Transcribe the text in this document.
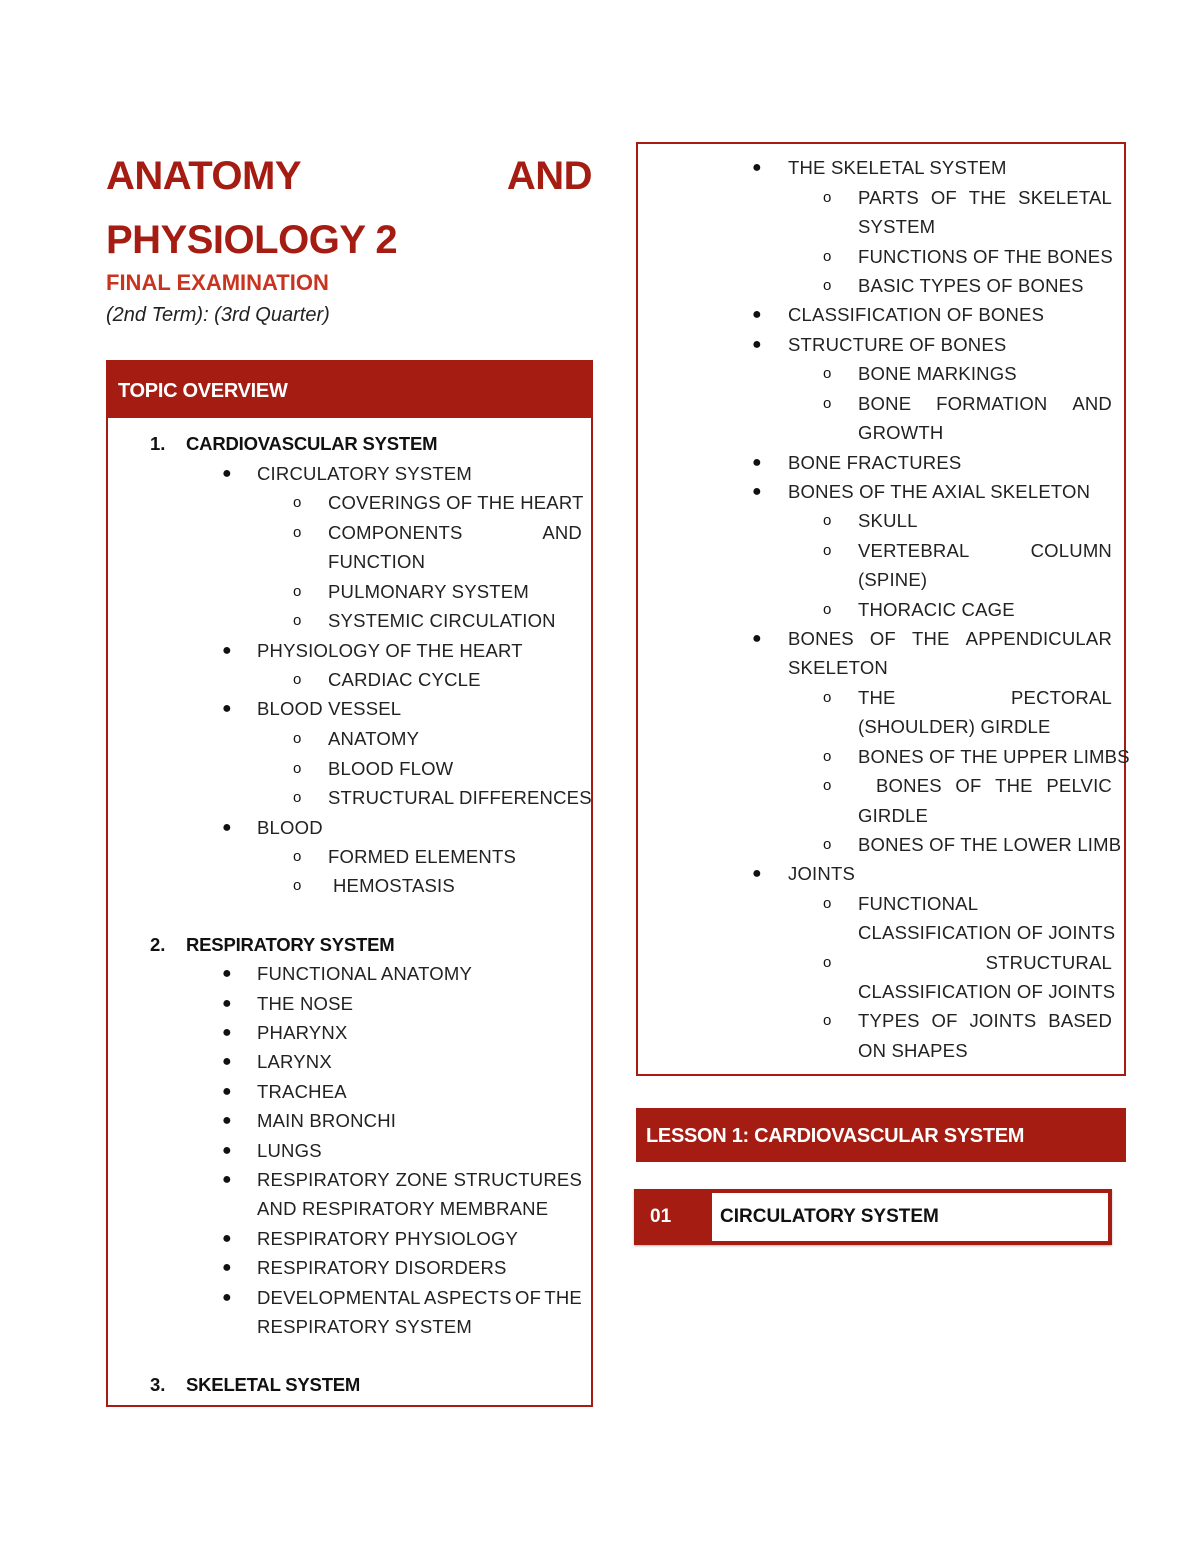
ANATOMY	AND
PHYSIOLOGY 2
FINAL EXAMINATION
(2nd Term): (3rd Quarter)
TOPIC OVERVIEW
1. CARDIOVASCULAR SYSTEM
● CIRCULATORY SYSTEM
o COVERINGS OF THE HEART
o COMPONENTS	AND
FUNCTION
o PULMONARY SYSTEM
o SYSTEMIC CIRCULATION
● PHYSIOLOGY OF THE HEART
o CARDIAC CYCLE
● BLOOD VESSEL
o ANATOMY
o BLOOD FLOW
o STRUCTURAL DIFFERENCES
● BLOOD
o FORMED ELEMENTS
o HEMOSTASIS
2. RESPIRATORY SYSTEM
● FUNCTIONAL ANATOMY
● THE NOSE
● PHARYNX
● LARYNX
● TRACHEA
● MAIN BRONCHI
● LUNGS
● RESPIRATORY ZONE STRUCTURES
AND RESPIRATORY MEMBRANE
● RESPIRATORY PHYSIOLOGY
● RESPIRATORY DISORDERS
● DEVELOPMENTAL ASPECTS OF THE
RESPIRATORY SYSTEM
3. SKELETAL SYSTEM
● THE SKELETAL SYSTEM
o PARTS OF THE SKELETAL
SYSTEM
o FUNCTIONS OF THE BONES
o BASIC TYPES OF BONES
● CLASSIFICATION OF BONES
● STRUCTURE OF BONES
o BONE MARKINGS
o BONE FORMATION AND
GROWTH
● BONE FRACTURES
● BONES OF THE AXIAL SKELETON
o SKULL
o VERTEBRAL	COLUMN
(SPINE)
o THORACIC CAGE
● BONES OF THE APPENDICULAR
SKELETON
o THE	PECTORAL
(SHOULDER) GIRDLE
o BONES OF THE UPPER LIMBS
o BONES OF THE PELVIC
GIRDLE
o BONES OF THE LOWER LIMB
● JOINTS
o FUNCTIONAL
CLASSIFICATION OF JOINTS
o	STRUCTURAL
CLASSIFICATION OF JOINTS
o TYPES OF JOINTS BASED
ON SHAPES
LESSON 1: CARDIOVASCULAR SYSTEM
01	CIRCULATORY SYSTEM
